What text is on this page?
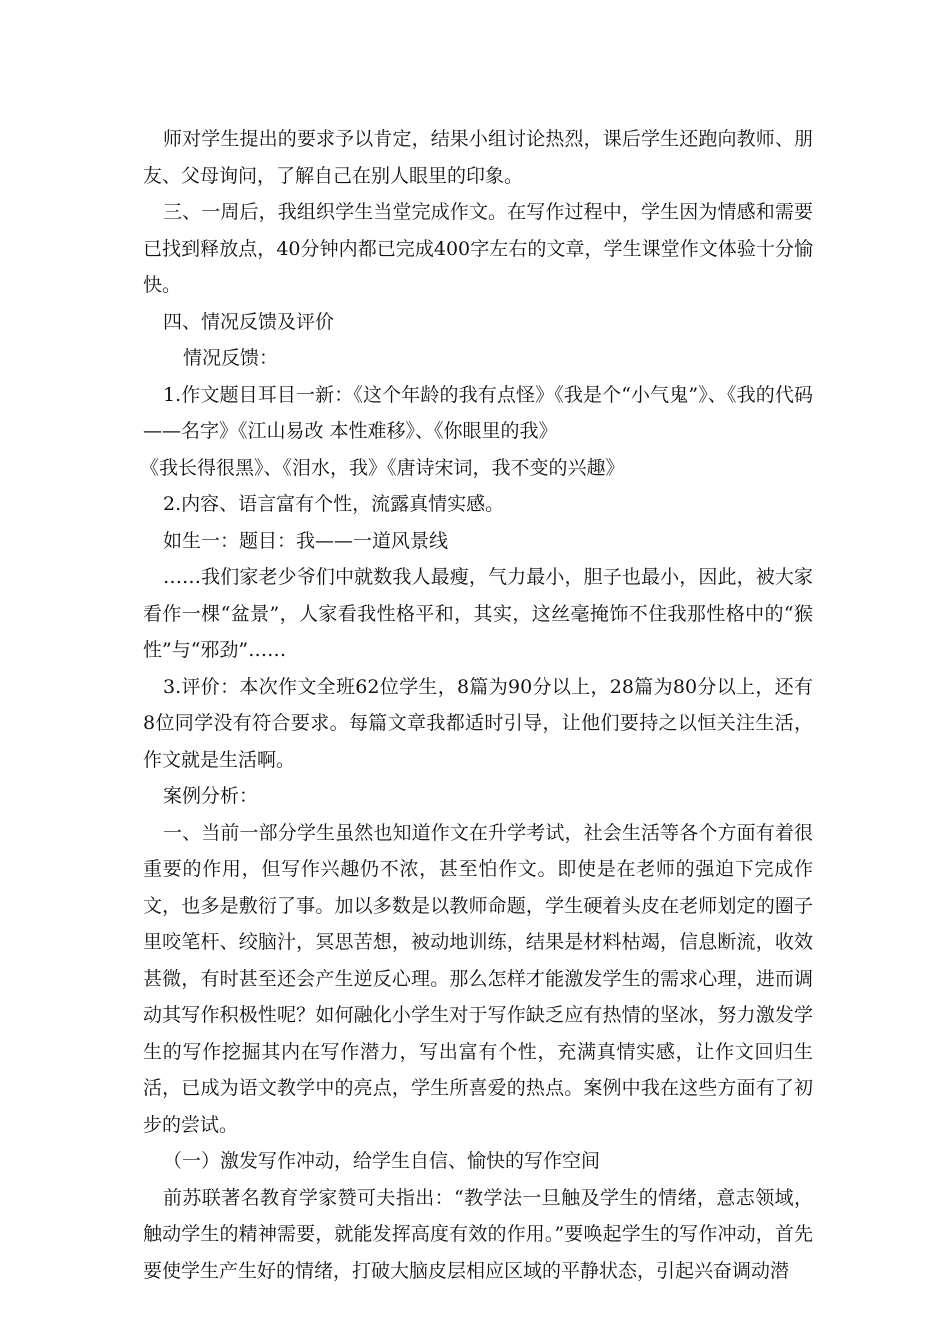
师对学生提出的要求予以肯定，结果小组讨论热烈，课后学生还跑向教师、朋友、父母询问，了解自己在别人眼里的印象。

三、一周后，我组织学生当堂完成作文。在写作过程中，学生因为情感和需要已找到释放点，40分钟内都已完成400字左右的文章，学生课堂作文体验十分愉快。

四、情况反馈及评价

情况反馈：

1.作文题目耳目一新：《这个年龄的我有点怪》《我是个“小气鬼”》、《我的代码——名字》《江山易改 本性难移》、《你眼里的我》

《我长得很黑》、《泪水，我》《唐诗宋词，我不变的兴趣》

2.内容、语言富有个性，流露真情实感。

如生一：题目：我——一道风景线

……我们家老少爷们中就数我人最瘦，气力最小，胆子也最小，因此，被大家看作一棵“盆景”，人家看我性格平和，其实，这丝毫掩饰不住我那性格中的“猴性”与“邪劲”……

3.评价：本次作文全班62位学生，8篇为90分以上，28篇为80分以上，还有8位同学没有符合要求。每篇文章我都适时引导，让他们要持之以恒关注生活，作文就是生活啊。

案例分析：

一、当前一部分学生虽然也知道作文在升学考试，社会生活等各个方面有着很重要的作用，但写作兴趣仍不浓，甚至怕作文。即使是在老师的强迫下完成作文，也多是敷衍了事。加以多数是以教师命题，学生硬着头皮在老师划定的圈子里咬笔杆、绞脑汁，冥思苦想，被动地训练，结果是材料枯竭，信息断流，收效甚微，有时甚至还会产生逆反心理。那么怎样才能激发学生的需求心理，进而调动其写作积极性呢？如何融化小学生对于写作缺乏应有热情的坚冰，努力激发学生的写作挖掘其内在写作潜力，写出富有个性，充满真情实感，让作文回归生活，已成为语文教学中的亮点，学生所喜爱的热点。案例中我在这些方面有了初步的尝试。

（一）激发写作冲动，给学生自信、愉快的写作空间

前苏联著名教育学家赞可夫指出：“教学法一旦触及学生的情绪，意志领域，触动学生的精神需要，就能发挥高度有效的作用。”要唤起学生的写作冲动，首先要使学生产生好的情绪，打破大脑皮层相应区域的平静状态，引起兴奋调动潜
